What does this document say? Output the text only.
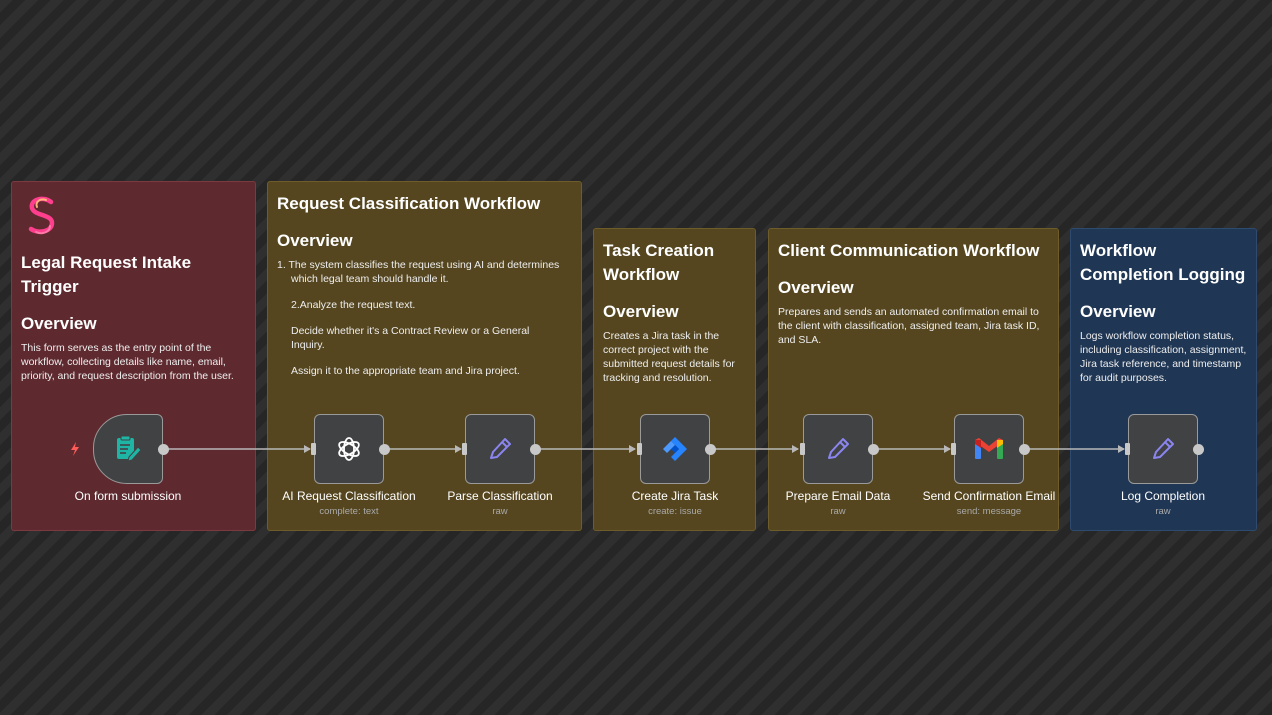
Legal Request Intake
Trigger
Overview

This form serves as the entry point of the workflow, collecting details like name, email, priority, and request description from the user.

Request Classification Workflow
Overview

1. The system classifies the request using AI and determines

which legal team should handle it.

2.Analyze the request text.

Decide whether it's a Contract Review or a General Inquiry.

Assign it to the appropriate team and Jira project.

Task Creation
Workflow
Overview

Creates a Jira task in the correct project with the submitted request details for tracking and resolution.

Client Communication Workflow
Overview

Prepares and sends an automated confirmation email to the client with classification, assigned team, Jira task ID, and SLA.

Workflow
Completion Logging
Overview

Logs workflow completion status, including classification, assignment, Jira task reference, and timestamp for audit purposes.

On form submission	AI Request Classification
complete: text
Parse Classification
raw
Create Jira Task
create: issue
Prepare Email Data
raw
Send Confirmation Email
send: message
Log Completion
raw
